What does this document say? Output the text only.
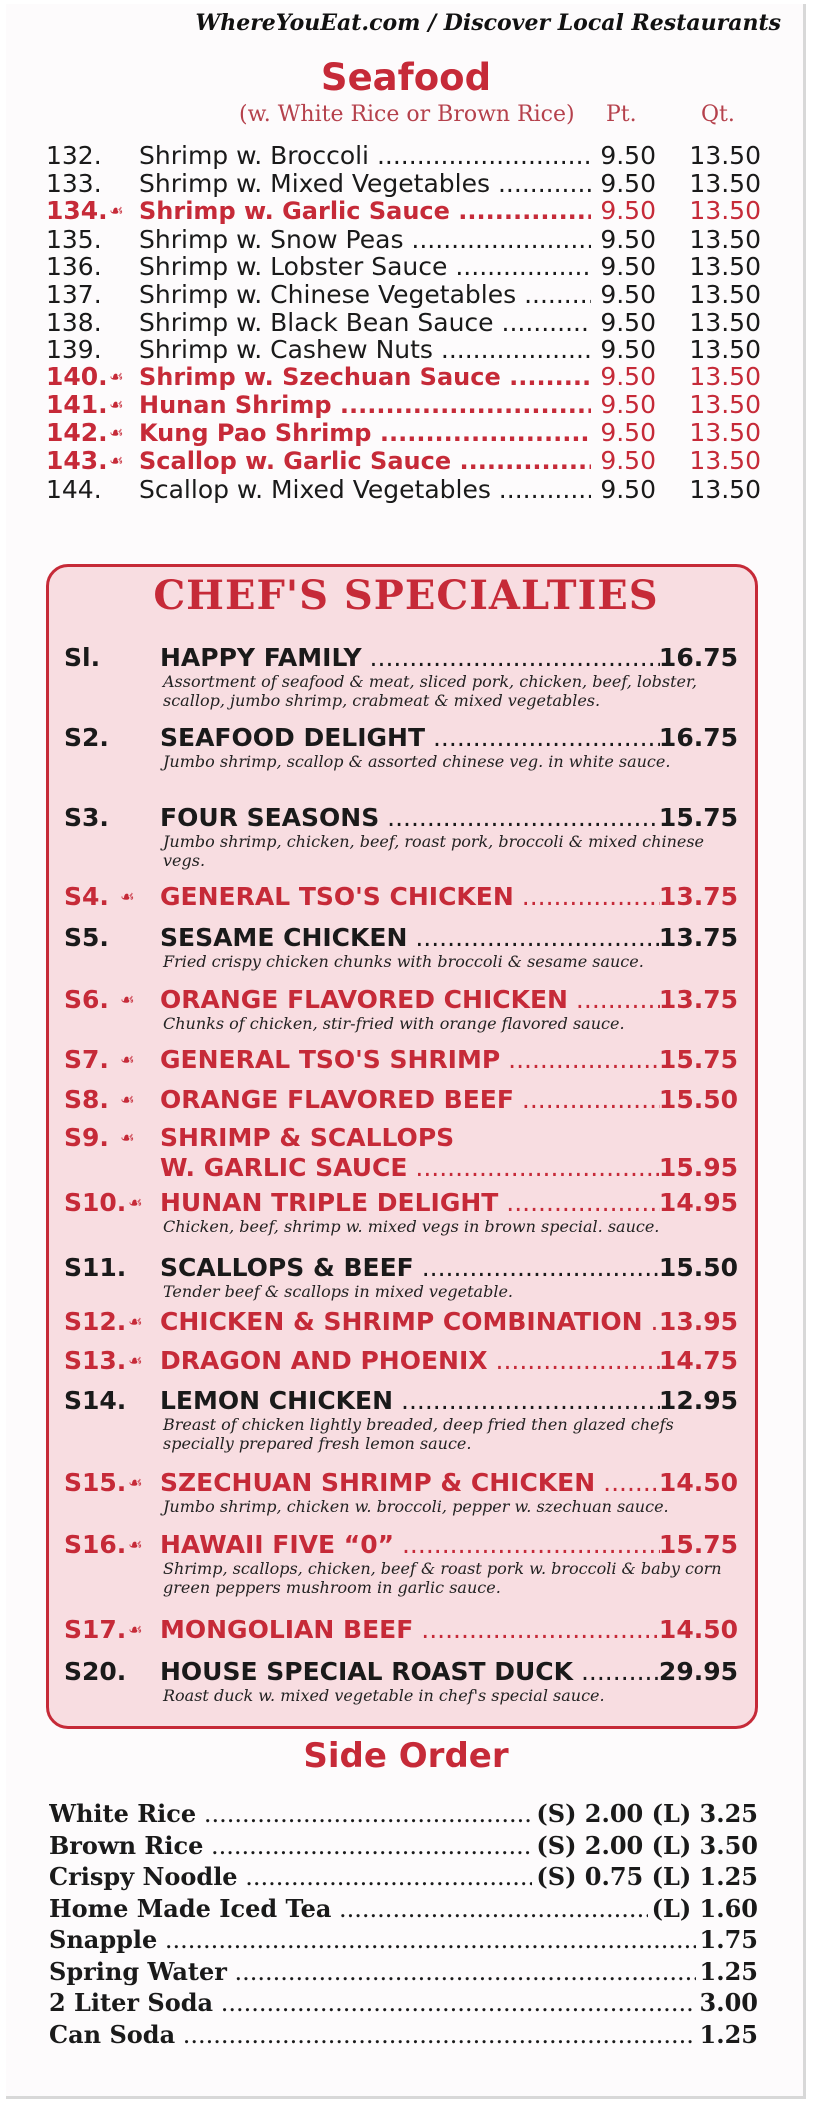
WhereYouEat.com / Discover Local Restaurants
Seafood
(w. White Rice or Brown Rice) Pt.	Qt.
132.	Shrimp w. Broccoli .....	9.50	13.50
133.	Shrimp w. Mixed Vegetables .....	9.50	13.50
134. ☙ Shrimp w. Garlic Sauce .....	9.50	13.50
135.	Shrimp w. Snow Peas .....	9.50	13.50
136.	Shrimp w. Lobster Sauce .....	9.50	13.50
137.	Shrimp w. Chinese Vegetables .....	9.50	13.50
138.	Shrimp w. Black Bean Sauce .....	9.50	13.50
139.	Shrimp w. Cashew Nuts .....	9.50	13.50
140. ☙ Shrimp w. Szechuan Sauce .....	9.50	13.50
141. ☙ Hunan Shrimp .....	9.50	13.50
142. ☙ Kung Pao Shrimp .....	9.50	13.50
143. ☙ Scallop w. Garlic Sauce .....	9.50	13.50
144.	Scallop w. Mixed Vegetables .....	9.50	13.50
CHEF'S SPECIALTIES
Sl. HAPPY FAMILY .....	16.75
Assortment of seafood & meat, sliced pork, chicken, beef, lobster, scallop, jumbo shrimp, crabmeat & mixed vegetables.
S2. SEAFOOD DELIGHT .....	16.75
Jumbo shrimp, scallop & assorted chinese veg. in white sauce.
S3. FOUR SEASONS .....	15.75
Jumbo shrimp, chicken, beef, roast pork, broccoli & mixed chinese vegs.
S4. ☙ GENERAL TSO'S CHICKEN .....	13.75
S5. SESAME CHICKEN .....	13.75
Fried crispy chicken chunks with broccoli & sesame sauce.
S6. ☙ ORANGE FLAVORED CHICKEN .....	13.75
Chunks of chicken, stir-fried with orange flavored sauce.
S7. ☙ GENERAL TSO'S SHRIMP .....	15.75
S8. ☙ ORANGE FLAVORED BEEF .....	15.50
S9. ☙ SHRIMP & SCALLOPS
W. GARLIC SAUCE .....	15.95
S10. ☙ HUNAN TRIPLE DELIGHT .....	14.95
Chicken, beef, shrimp w. mixed vegs in brown special. sauce.
S11. SCALLOPS & BEEF .....	15.50
Tender beef & scallops in mixed vegetable.
S12. ☙ CHICKEN & SHRIMP COMBINATION ..... 13.95
S13. ☙ DRAGON AND PHOENIX .....	14.75
S14. LEMON CHICKEN .....	12.95
Breast of chicken lightly breaded, deep fried then glazed chefs specially prepared fresh lemon sauce.
S15. ☙ SZECHUAN SHRIMP & CHICKEN .....	14.50
Jumbo shrimp, chicken w. broccoli, pepper w. szechuan sauce.
S16. ☙ HAWAII FIVE “0” .....	15.75
Shrimp, scallops, chicken, beef & roast pork w. broccoli & baby corn green peppers mushroom in garlic sauce.
S17. ☙ MONGOLIAN BEEF .....	14.50
S20. HOUSE SPECIAL ROAST DUCK .....	29.95
Roast duck w. mixed vegetable in chef's special sauce.
Side Order
White Rice .....	(S) 2.00 (L) 3.25
Brown Rice .....	(S) 2.00 (L) 3.50
Crispy Noodle .....	(S) 0.75 (L) 1.25
Home Made Iced Tea .....	(L) 1.60
Snapple .....	1.75
Spring Water .....	1.25
2 Liter Soda .....	3.00
Can Soda .....	1.25
